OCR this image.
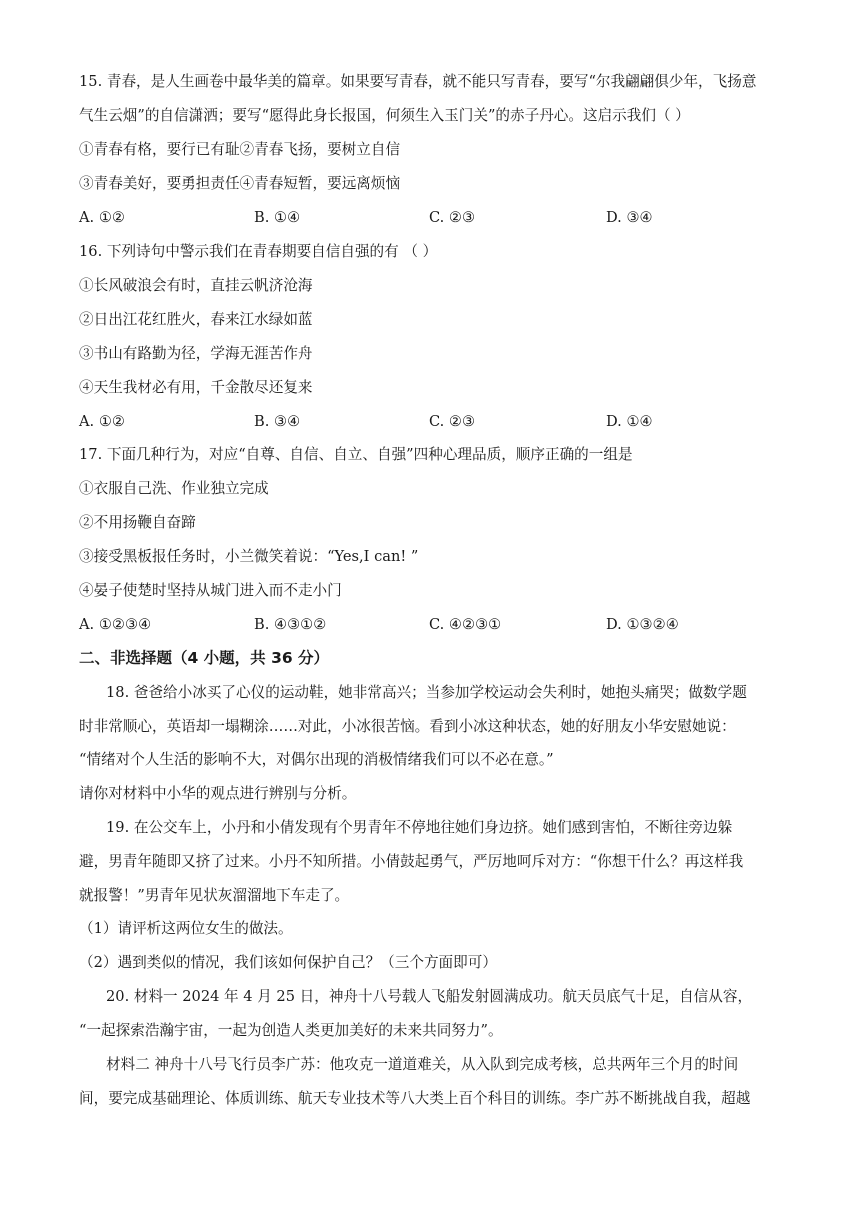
15. 青春，是人生画卷中最华美的篇章。如果要写青春，就不能只写青春，要写“尔我翩翩俱少年，飞扬意
气生云烟”的自信潇洒；要写“愿得此身长报国，何须生入玉门关”的赤子丹心。这启示我们（ ）
①青春有格，要行已有耻②青春飞扬，要树立自信
③青春美好，要勇担责任④青春短暂，要远离烦恼
A. ①②	B. ①④	C. ②③	D. ③④
16. 下列诗句中警示我们在青春期要自信自强的有 （ ）
①长风破浪会有时，直挂云帆济沧海
②日出江花红胜火，春来江水绿如蓝
③书山有路勤为径，学海无涯苦作舟
④天生我材必有用，千金散尽还复来
A. ①②	B. ③④	C. ②③	D. ①④
17. 下面几种行为，对应“自尊、自信、自立、自强”四种心理品质，顺序正确的一组是
①衣服自己洗、作业独立完成
②不用扬鞭自奋蹄
③接受黑板报任务时，小兰微笑着说：“Yes,I can! ”
④晏子使楚时坚持从城门进入而不走小门
A. ①②③④	B. ④③①②	C. ④②③①	D. ①③②④
二、非选择题（4 小题，共 36 分）
18. 爸爸给小冰买了心仪的运动鞋，她非常高兴；当参加学校运动会失利时，她抱头痛哭；做数学题
时非常顺心，英语却一塌糊涂……对此，小冰很苦恼。看到小冰这种状态，她的好朋友小华安慰她说：
“情绪对个人生活的影响不大，对偶尔出现的消极情绪我们可以不必在意。”
请你对材料中小华的观点进行辨别与分析。
19. 在公交车上，小丹和小倩发现有个男青年不停地往她们身边挤。她们感到害怕，不断往旁边躲
避，男青年随即又挤了过来。小丹不知所措。小倩鼓起勇气，严厉地呵斥对方：“你想干什么？再这样我
就报警！”男青年见状灰溜溜地下车走了。
（1）请评析这两位女生的做法。
（2）遇到类似的情况，我们该如何保护自己？（三个方面即可）
20. 材料一 2024 年 4 月 25 日，神舟十八号载人飞船发射圆满成功。航天员底气十足，自信从容，
“一起探索浩瀚宇宙，一起为创造人类更加美好的未来共同努力”。
材料二 神舟十八号飞行员李广苏：他攻克一道道难关，从入队到完成考核，总共两年三个月的时间
间，要完成基础理论、体质训练、航天专业技术等八大类上百个科目的训练。李广苏不断挑战自我，超越
